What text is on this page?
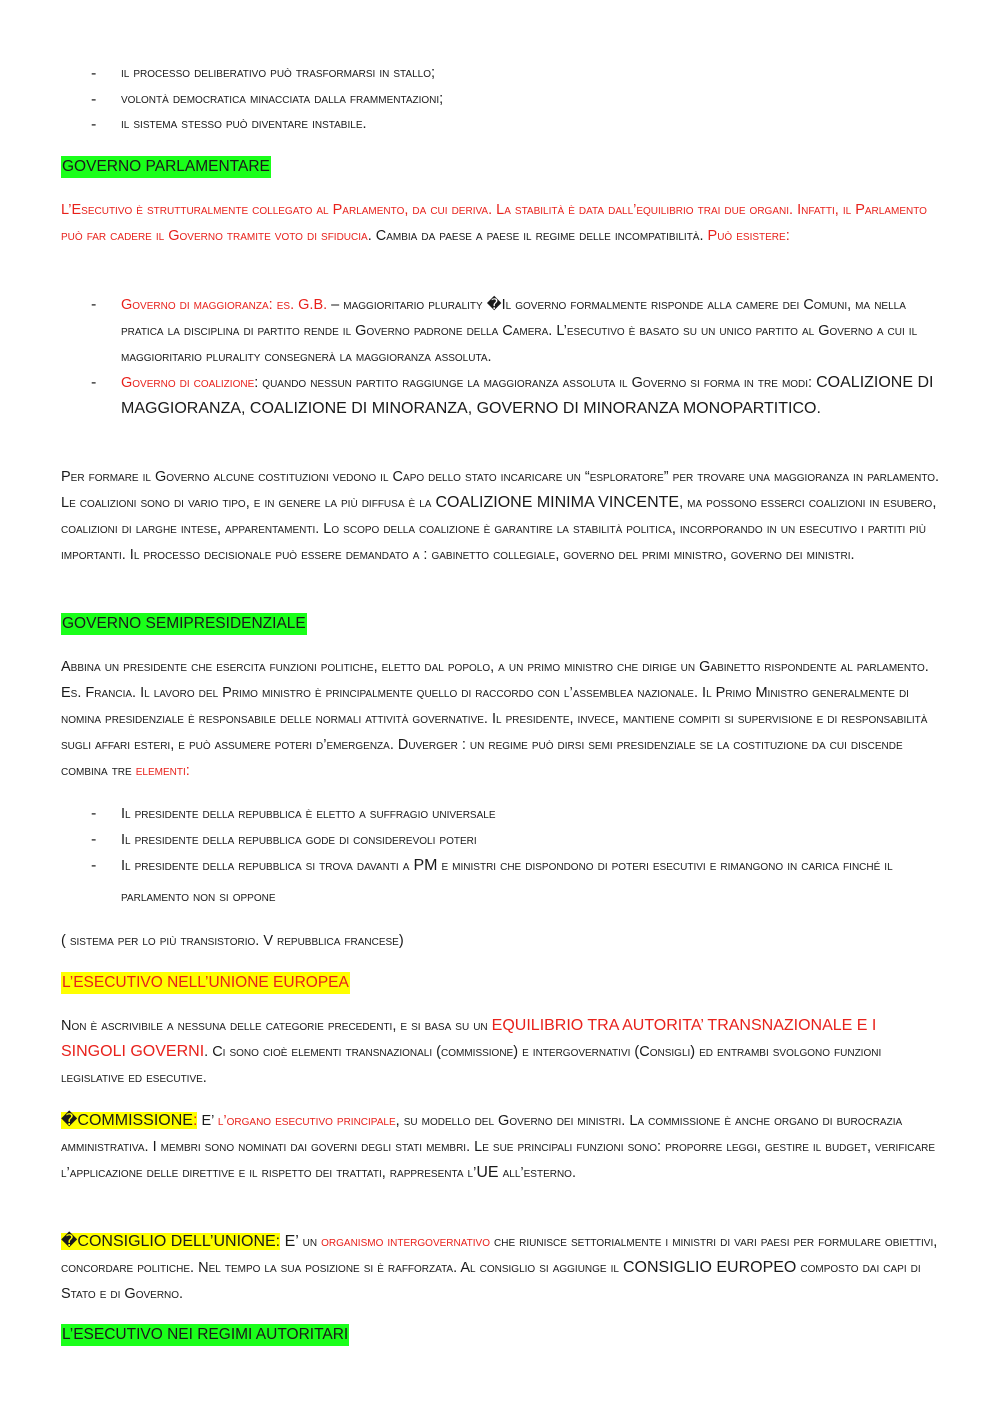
- il processo deliberativo può trasformarsi in stallo;
- volontà democratica minacciata dalla frammentazioni;
- il sistema stesso può diventare instabile.
GOVERNO PARLAMENTARE

L’Esecutivo è strutturalmente collegato al Parlamento, da cui deriva. La stabilità è data dall’equilibrio trai due organi. Infatti, il Parlamento può far cadere il Governo tramite voto di sfiducia. Cambia da paese a paese il regime delle incompatibilità. Può esistere:

- Governo di maggioranza: es. G.B. – maggioritario plurality �Il governo formalmente risponde alla camere dei Comuni, ma nella pratica la disciplina di partito rende il Governo padrone della Camera. L’esecutivo è basato su un unico partito al Governo a cui il maggioritario plurality consegnerà la maggioranza assoluta.
- Governo di coalizione: quando nessun partito raggiunge la maggioranza assoluta il Governo si forma in tre modi: COALIZIONE DI MAGGIORANZA, COALIZIONE DI MINORANZA, GOVERNO DI MINORANZA MONOPARTITICO.

Per formare il Governo alcune costituzioni vedono il Capo dello stato incaricare un “esploratore” per trovare una maggioranza in parlamento. Le coalizioni sono di vario tipo, e in genere la più diffusa è la COALIZIONE MINIMA VINCENTE, ma possono esserci coalizioni in esubero, coalizioni di larghe intese, apparentamenti. Lo scopo della coalizione è garantire la stabilità politica, incorporando in un esecutivo i partiti più importanti. Il processo decisionale può essere demandato a : gabinetto collegiale, governo del primi ministro, governo dei ministri.

GOVERNO SEMIPRESIDENZIALE

Abbina un presidente che esercita funzioni politiche, eletto dal popolo, a un primo ministro che dirige un Gabinetto rispondente al parlamento. Es. Francia. Il lavoro del Primo ministro è principalmente quello di raccordo con l’assemblea nazionale. Il Primo Ministro generalmente di nomina presidenziale è responsabile delle normali attività governative. Il presidente, invece, mantiene compiti si supervisione e di responsabilità sugli affari esteri, e può assumere poteri d’emergenza. Duverger : un regime può dirsi semi presidenziale se la costituzione da cui discende combina tre elementi:

- Il presidente della repubblica è eletto a suffragio universale
- Il presidente della repubblica gode di considerevoli poteri
- Il presidente della repubblica si trova davanti a PM e ministri che dispondono di poteri esecutivi e rimangono in carica finché il parlamento non si oppone

( sistema per lo più transistorio. V repubblica francese)

L’ESECUTIVO NELL’UNIONE EUROPEA

Non è ascrivibile a nessuna delle categorie precedenti, e si basa su un EQUILIBRIO TRA AUTORITA’ TRANSNAZIONALE E I SINGOLI GOVERNI. Ci sono cioè elementi transnazionali (commissione) e intergovernativi (Consigli) ed entrambi svolgono funzioni legislative ed esecutive.

�COMMISSIONE: E’ l’organo esecutivo principale, su modello del Governo dei ministri. La commissione è anche organo di burocrazia amministrativa. I membri sono nominati dai governi degli stati membri. Le sue principali funzioni sono: proporre leggi, gestire il budget, verificare l’applicazione delle direttive e il rispetto dei trattati, rappresenta l’UE all’esterno.

�CONSIGLIO DELL’UNIONE: E’ un organismo intergovernativo che riunisce settorialmente i ministri di vari paesi per formulare obiettivi, concordare politiche. Nel tempo la sua posizione si è rafforzata. Al consiglio si aggiunge il CONSIGLIO EUROPEO composto dai capi di Stato e di Governo.

L’ESECUTIVO NEI REGIMI AUTORITARI
